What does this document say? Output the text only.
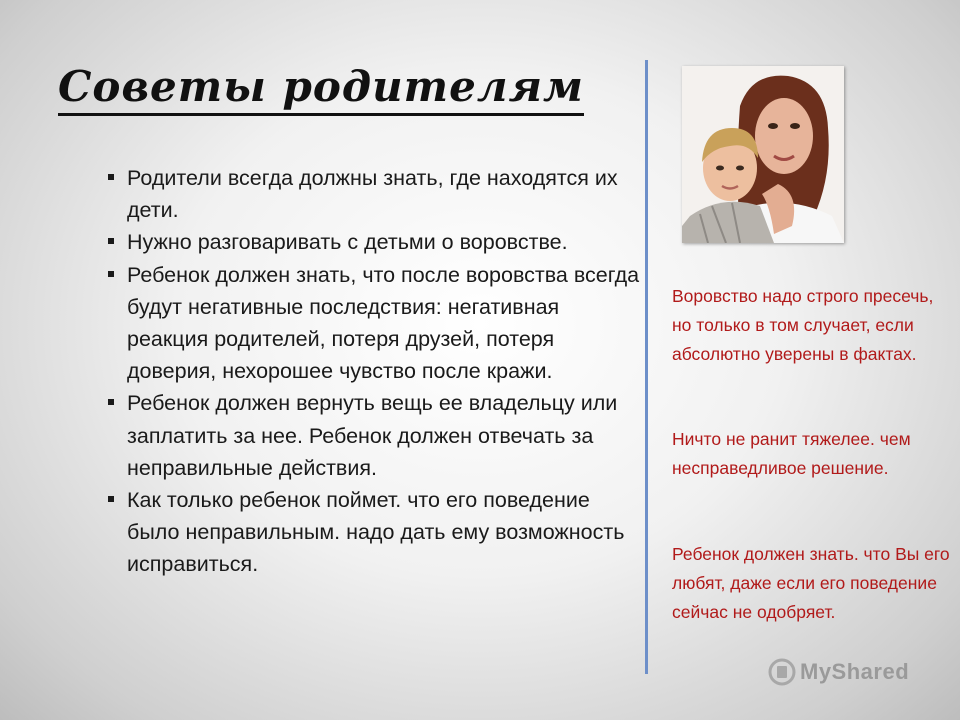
Советы родителям
Родители всегда должны знать, где находятся их дети.
Нужно разговаривать с детьми о воровстве.
Ребенок должен знать, что после воровства всегда будут негативные последствия: негативная реакция родителей, потеря друзей, потеря доверия, нехорошее чувство после кражи.
Ребенок должен вернуть вещь ее владельцу или заплатить за нее. Ребенок должен отвечать за неправильные действия.
Как только ребенок поймет. что его поведение было неправильным. надо дать ему возможность исправиться.

Воровство надо строго пресечь, но только в том случает, если абсолютно уверены в фактах.

Ничто не ранит тяжелее. чем несправедливое решение.

Ребенок должен знать. что Вы его любят, даже если его поведение сейчас не одобряет.

MyShared
